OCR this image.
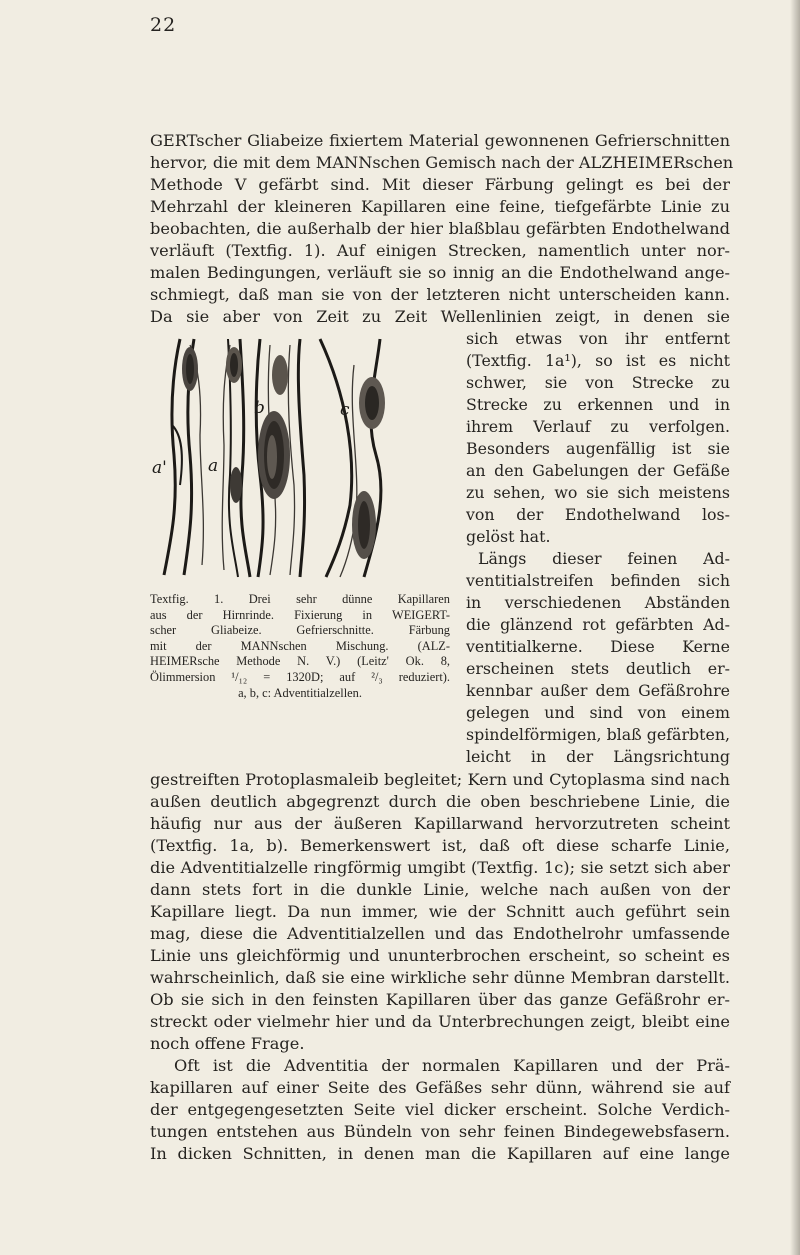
22
GERTscher Gliabeize fixiertem Material gewonnenen Gefrierschnitten
hervor, die mit dem MANNschen Gemisch nach der ALZHEIMERschen
Methode V gefärbt sind. Mit dieser Färbung gelingt es bei der
Mehrzahl der kleineren Kapillaren eine feine, tiefgefärbte Linie zu
beobachten, die außerhalb der hier blaßblau gefärbten Endothelwand
verläuft (Textfig. 1). Auf einigen Strecken, namentlich unter nor-
malen Bedingungen, verläuft sie so innig an die Endothelwand ange-
schmiegt, daß man sie von der letzteren nicht unterscheiden kann.
Da sie aber von Zeit zu Zeit Wellenlinien zeigt, in denen sie
a'
b
a
c
Textfig. 1. Drei sehr dünne Kapillaren
aus der Hirnrinde. Fixierung in WEIGERT-
scher Gliabeize. Gefrierschnitte. Färbung
mit der MANNschen Mischung. (ALZ-
HEIMERsche Methode N. V.) (Leitz' Ok. 8,
Ölimmersion ¹/₁₂ = 1320D; auf ²/₃ reduziert).
a, b, c: Adventitialzellen.
sich etwas von ihr entfernt
(Textfig. 1a¹), so ist es nicht
schwer, sie von Strecke zu
Strecke zu erkennen und in
ihrem Verlauf zu verfolgen.
Besonders augenfällig ist sie
an den Gabelungen der Gefäße
zu sehen, wo sie sich meistens
von der Endothelwand los-
gelöst hat.
Längs dieser feinen Ad-
ventitialstreifen befinden sich
in verschiedenen Abständen
die glänzend rot gefärbten Ad-
ventitialkerne. Diese Kerne
erscheinen stets deutlich er-
kennbar außer dem Gefäßrohre
gelegen und sind von einem
spindelförmigen, blaß gefärbten,
leicht in der Längsrichtung
gestreiften Protoplasmaleib begleitet; Kern und Cytoplasma sind nach
außen deutlich abgegrenzt durch die oben beschriebene Linie, die
häufig nur aus der äußeren Kapillarwand hervorzutreten scheint
(Textfig. 1a, b). Bemerkenswert ist, daß oft diese scharfe Linie,
die Adventitialzelle ringförmig umgibt (Textfig. 1c); sie setzt sich aber
dann stets fort in die dunkle Linie, welche nach außen von der
Kapillare liegt. Da nun immer, wie der Schnitt auch geführt sein
mag, diese die Adventitialzellen und das Endothelrohr umfassende
Linie uns gleichförmig und ununterbrochen erscheint, so scheint es
wahrscheinlich, daß sie eine wirkliche sehr dünne Membran darstellt.
Ob sie sich in den feinsten Kapillaren über das ganze Gefäßrohr er-
streckt oder vielmehr hier und da Unterbrechungen zeigt, bleibt eine
noch offene Frage.
Oft ist die Adventitia der normalen Kapillaren und der Prä-
kapillaren auf einer Seite des Gefäßes sehr dünn, während sie auf
der entgegengesetzten Seite viel dicker erscheint. Solche Verdich-
tungen entstehen aus Bündeln von sehr feinen Bindegewebsfasern.
In dicken Schnitten, in denen man die Kapillaren auf eine lange
